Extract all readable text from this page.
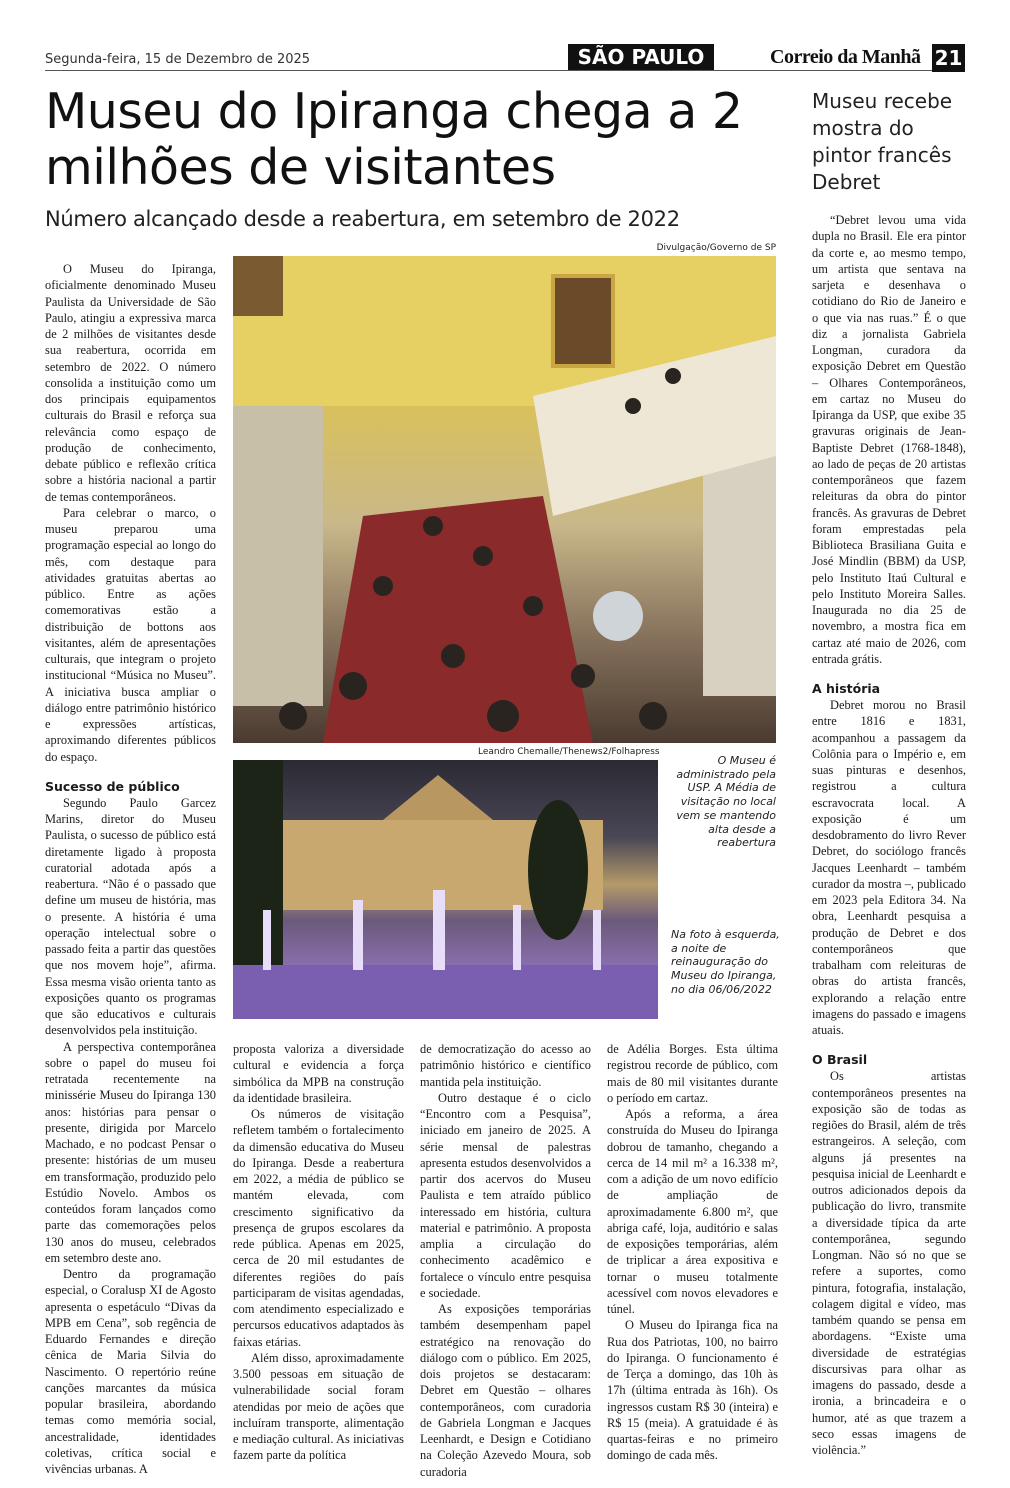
Segunda-feira, 15 de Dezembro de 2025	SÃO PAULO	Correio da Manhã 21
Museu do Ipiranga chega a 2 milhões de visitantes
Número alcançado desde a reabertura, em setembro de 2022
Divulgação/Governo de SP
Leandro Chemalle/Thenews2/Folhapress
O Museu é administrado pela USP. A Média de visitação no local vem se mantendo alta desde a reabertura
Na foto à esquerda, a noite de reinauguração do Museu do Ipiranga, no dia 06/06/2022

O Museu do Ipiranga, oficialmente denominado Museu Paulista da Universidade de São Paulo, atingiu a expressiva marca de 2 milhões de visitantes desde sua reabertura, ocorrida em setembro de 2022. O número consolida a instituição como um dos principais equipamentos culturais do Brasil e reforça sua relevância como espaço de produção de conhecimento, debate público e reflexão crítica sobre a história nacional a partir de temas contemporâneos.

Para celebrar o marco, o museu preparou uma programação especial ao longo do mês, com destaque para atividades gratuitas abertas ao público. Entre as ações comemorativas estão a distribuição de bottons aos visitantes, além de apresentações culturais, que integram o projeto institucional “Música no Museu”. A iniciativa busca ampliar o diálogo entre patrimônio histórico e expressões artísticas, aproximando diferentes públicos do espaço.

Sucesso de público

Segundo Paulo Garcez Marins, diretor do Museu Paulista, o sucesso de público está diretamente ligado à proposta curatorial adotada após a reabertura. “Não é o passado que define um museu de história, mas o presente. A história é uma operação intelectual sobre o passado feita a partir das questões que nos movem hoje”, afirma. Essa mesma visão orienta tanto as exposições quanto os programas que são educativos e culturais desenvolvidos pela instituição.

A perspectiva contemporânea sobre o papel do museu foi retratada recentemente na minissérie Museu do Ipiranga 130 anos: histórias para pensar o presente, dirigida por Marcelo Machado, e no podcast Pensar o presente: histórias de um museu em transformação, produzido pelo Estúdio Novelo. Ambos os conteúdos foram lançados como parte das comemorações pelos 130 anos do museu, celebrados em setembro deste ano.

Dentro da programação especial, o Coralusp XI de Agosto apresenta o espetáculo “Divas da MPB em Cena”, sob regência de Eduardo Fernandes e direção cênica de Maria Silvia do Nascimento. O repertório reúne canções marcantes da música popular brasileira, abordando temas como memória social, ancestralidade, identidades coletivas, crítica social e vivências urbanas. A

proposta valoriza a diversidade cultural e evidencia a força simbólica da MPB na construção da identidade brasileira.

Os números de visitação refletem também o fortalecimento da dimensão educativa do Museu do Ipiranga. Desde a reabertura em 2022, a média de público se mantém elevada, com crescimento significativo da presença de grupos escolares da rede pública. Apenas em 2025, cerca de 20 mil estudantes de diferentes regiões do país participaram de visitas agendadas, com atendimento especializado e percursos educativos adaptados às faixas etárias.

Além disso, aproximadamente 3.500 pessoas em situação de vulnerabilidade social foram atendidas por meio de ações que incluíram transporte, alimentação e mediação cultural. As iniciativas fazem parte da política

de democratização do acesso ao patrimônio histórico e científico mantida pela instituição.

Outro destaque é o ciclo “Encontro com a Pesquisa”, iniciado em janeiro de 2025. A série mensal de palestras apresenta estudos desenvolvidos a partir dos acervos do Museu Paulista e tem atraído público interessado em história, cultura material e patrimônio. A proposta amplia a circulação do conhecimento acadêmico e fortalece o vínculo entre pesquisa e sociedade.

As exposições temporárias também desempenham papel estratégico na renovação do diálogo com o público. Em 2025, dois projetos se destacaram: Debret em Questão – olhares contemporâneos, com curadoria de Gabriela Longman e Jacques Leenhardt, e Design e Cotidiano na Coleção Azevedo Moura, sob curadoria

de Adélia Borges. Esta última registrou recorde de público, com mais de 80 mil visitantes durante o período em cartaz.

Após a reforma, a área construída do Museu do Ipiranga dobrou de tamanho, chegando a cerca de 14 mil m² a 16.338 m², com a adição de um novo edifício de ampliação de aproximadamente 6.800 m², que abriga café, loja, auditório e salas de exposições temporárias, além de triplicar a área expositiva e tornar o museu totalmente acessível com novos elevadores e túnel.

O Museu do Ipiranga fica na Rua dos Patriotas, 100, no bairro do Ipiranga. O funcionamento é de Terça a domingo, das 10h às 17h (última entrada às 16h). Os ingressos custam R$ 30 (inteira) e R$ 15 (meia). A gratuidade é às quartas-feiras e no primeiro domingo de cada mês.

Museu recebe mostra do pintor francês Debret

“Debret levou uma vida dupla no Brasil. Ele era pintor da corte e, ao mesmo tempo, um artista que sentava na sarjeta e desenhava o cotidiano do Rio de Janeiro e o que via nas ruas.” É o que diz a jornalista Gabriela Longman, curadora da exposição Debret em Questão – Olhares Contemporâneos, em cartaz no Museu do Ipiranga da USP, que exibe 35 gravuras originais de Jean-Baptiste Debret (1768-1848), ao lado de peças de 20 artistas contemporâneos que fazem releituras da obra do pintor francês. As gravuras de Debret foram emprestadas pela Biblioteca Brasiliana Guita e José Mindlin (BBM) da USP, pelo Instituto Itaú Cultural e pelo Instituto Moreira Salles. Inaugurada no dia 25 de novembro, a mostra fica em cartaz até maio de 2026, com entrada grátis.

A história

Debret morou no Brasil entre 1816 e 1831, acompanhou a passagem da Colônia para o Império e, em suas pinturas e desenhos, registrou a cultura escravocrata local. A exposição é um desdobramento do livro Rever Debret, do sociólogo francês Jacques Leenhardt – também curador da mostra –, publicado em 2023 pela Editora 34. Na obra, Leenhardt pesquisa a produção de Debret e dos contemporâneos que trabalham com releituras de obras do artista francês, explorando a relação entre imagens do passado e imagens atuais.

O Brasil

Os artistas contemporâneos presentes na exposição são de todas as regiões do Brasil, além de três estrangeiros. A seleção, com alguns já presentes na pesquisa inicial de Leenhardt e outros adicionados depois da publicação do livro, transmite a diversidade típica da arte contemporânea, segundo Longman. Não só no que se refere a suportes, como pintura, fotografia, instalação, colagem digital e vídeo, mas também quando se pensa em abordagens. “Existe uma diversidade de estratégias discursivas para olhar as imagens do passado, desde a ironia, a brincadeira e o humor, até as que trazem a seco essas imagens de violência.”
